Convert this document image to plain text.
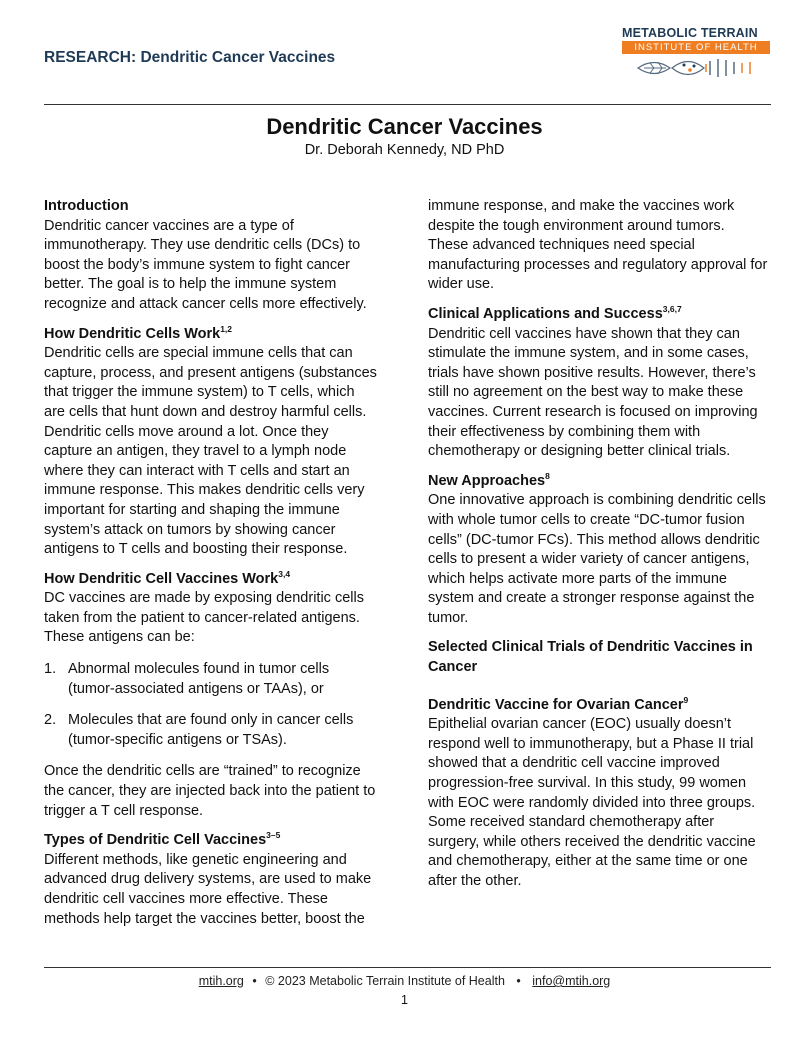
RESEARCH: Dendritic Cancer Vaccines
METABOLIC TERRAIN
INSTITUTE OF HEALTH
Dendritic Cancer Vaccines
Dr. Deborah Kennedy, ND PhD
Introduction

Dendritic cancer vaccines are a type of immunotherapy. They use dendritic cells (DCs) to boost the body’s immune system to fight cancer better. The goal is to help the immune system recognize and attack cancer cells more effectively.

How Dendritic Cells Work$^{1,2}$

Dendritic cells are special immune cells that can capture, process, and present antigens (substances that trigger the immune system) to T cells, which are cells that hunt down and destroy harmful cells. Dendritic cells move around a lot. Once they capture an antigen, they travel to a lymph node where they can interact with T cells and start an immune response. This makes dendritic cells very important for starting and shaping the immune system’s attack on tumors by showing cancer antigens to T cells and boosting their response.

How Dendritic Cell Vaccines Work$^{3,4}$

DC vaccines are made by exposing dendritic cells taken from the patient to cancer-related antigens. These antigens can be:

1. Abnormal molecules found in tumor cells (tumor-associated antigens or TAAs), or
2. Molecules that are found only in cancer cells (tumor-specific antigens or TSAs).

Once the dendritic cells are “trained” to recognize the cancer, they are injected back into the patient to trigger a T cell response.

Types of Dendritic Cell Vaccines$^{3-5}$

Different methods, like genetic engineering and advanced drug delivery systems, are used to make dendritic cell vaccines more effective. These methods help target the vaccines better, boost the

immune response, and make the vaccines work despite the tough environment around tumors. These advanced techniques need special manufacturing processes and regulatory approval for wider use.

Clinical Applications and Success$^{3,6,7}$

Dendritic cell vaccines have shown that they can stimulate the immune system, and in some cases, trials have shown positive results. However, there’s still no agreement on the best way to make these vaccines. Current research is focused on improving their effectiveness by combining them with chemotherapy or designing better clinical trials.

New Approaches$^8$

One innovative approach is combining dendritic cells with whole tumor cells to create “DC-tumor fusion cells” (DC-tumor FCs). This method allows dendritic cells to present a wider variety of cancer antigens, which helps activate more parts of the immune system and create a stronger response against the tumor.

Selected Clinical Trials of Dendritic Vaccines in Cancer
Dendritic Vaccine for Ovarian Cancer$^9$

Epithelial ovarian cancer (EOC) usually doesn’t respond well to immunotherapy, but a Phase II trial showed that a dendritic cell vaccine improved progression-free survival. In this study, 99 women with EOC were randomly divided into three groups. Some received standard chemotherapy after surgery, while others received the dendritic vaccine and chemotherapy, either at the same time or one after the other.

mtih.org • © 2023 Metabolic Terrain Institute of Health • info@mtih.org
1
